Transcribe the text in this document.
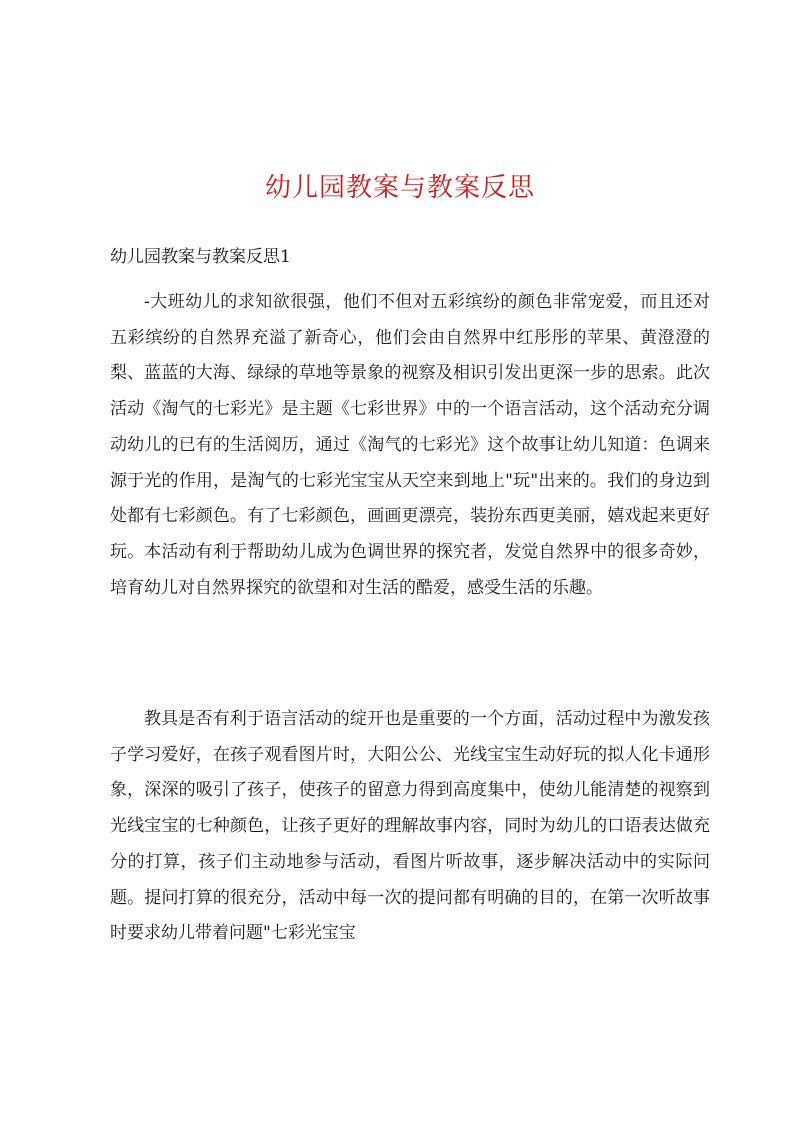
幼儿园教案与教案反思

幼儿园教案与教案反思1

-大班幼儿的求知欲很强，他们不但对五彩缤纷的颜色非常宠爱，而且还对五彩缤纷的自然界充溢了新奇心，他们会由自然界中红彤彤的苹果、黄澄澄的梨、蓝蓝的大海、绿绿的草地等景象的视察及相识引发出更深一步的思索。此次活动《淘气的七彩光》是主题《七彩世界》中的一个语言活动，这个活动充分调动幼儿的已有的生活阅历，通过《淘气的七彩光》这个故事让幼儿知道：色调来源于光的作用，是淘气的七彩光宝宝从天空来到地上"玩"出来的。我们的身边到处都有七彩颜色。有了七彩颜色，画画更漂亮，装扮东西更美丽，嬉戏起来更好玩。本活动有利于帮助幼儿成为色调世界的探究者，发觉自然界中的很多奇妙，培育幼儿对自然界探究的欲望和对生活的酷爱，感受生活的乐趣。

教具是否有利于语言活动的绽开也是重要的一个方面，活动过程中为激发孩子学习爱好，在孩子观看图片时，大阳公公、光线宝宝生动好玩的拟人化卡通形象，深深的吸引了孩子，使孩子的留意力得到高度集中，使幼儿能清楚的视察到光线宝宝的七种颜色，让孩子更好的理解故事内容，同时为幼儿的口语表达做充分的打算，孩子们主动地参与活动，看图片听故事，逐步解决活动中的实际问题。提问打算的很充分，活动中每一次的提问都有明确的目的，在第一次听故事时要求幼儿带着问题"七彩光宝宝
